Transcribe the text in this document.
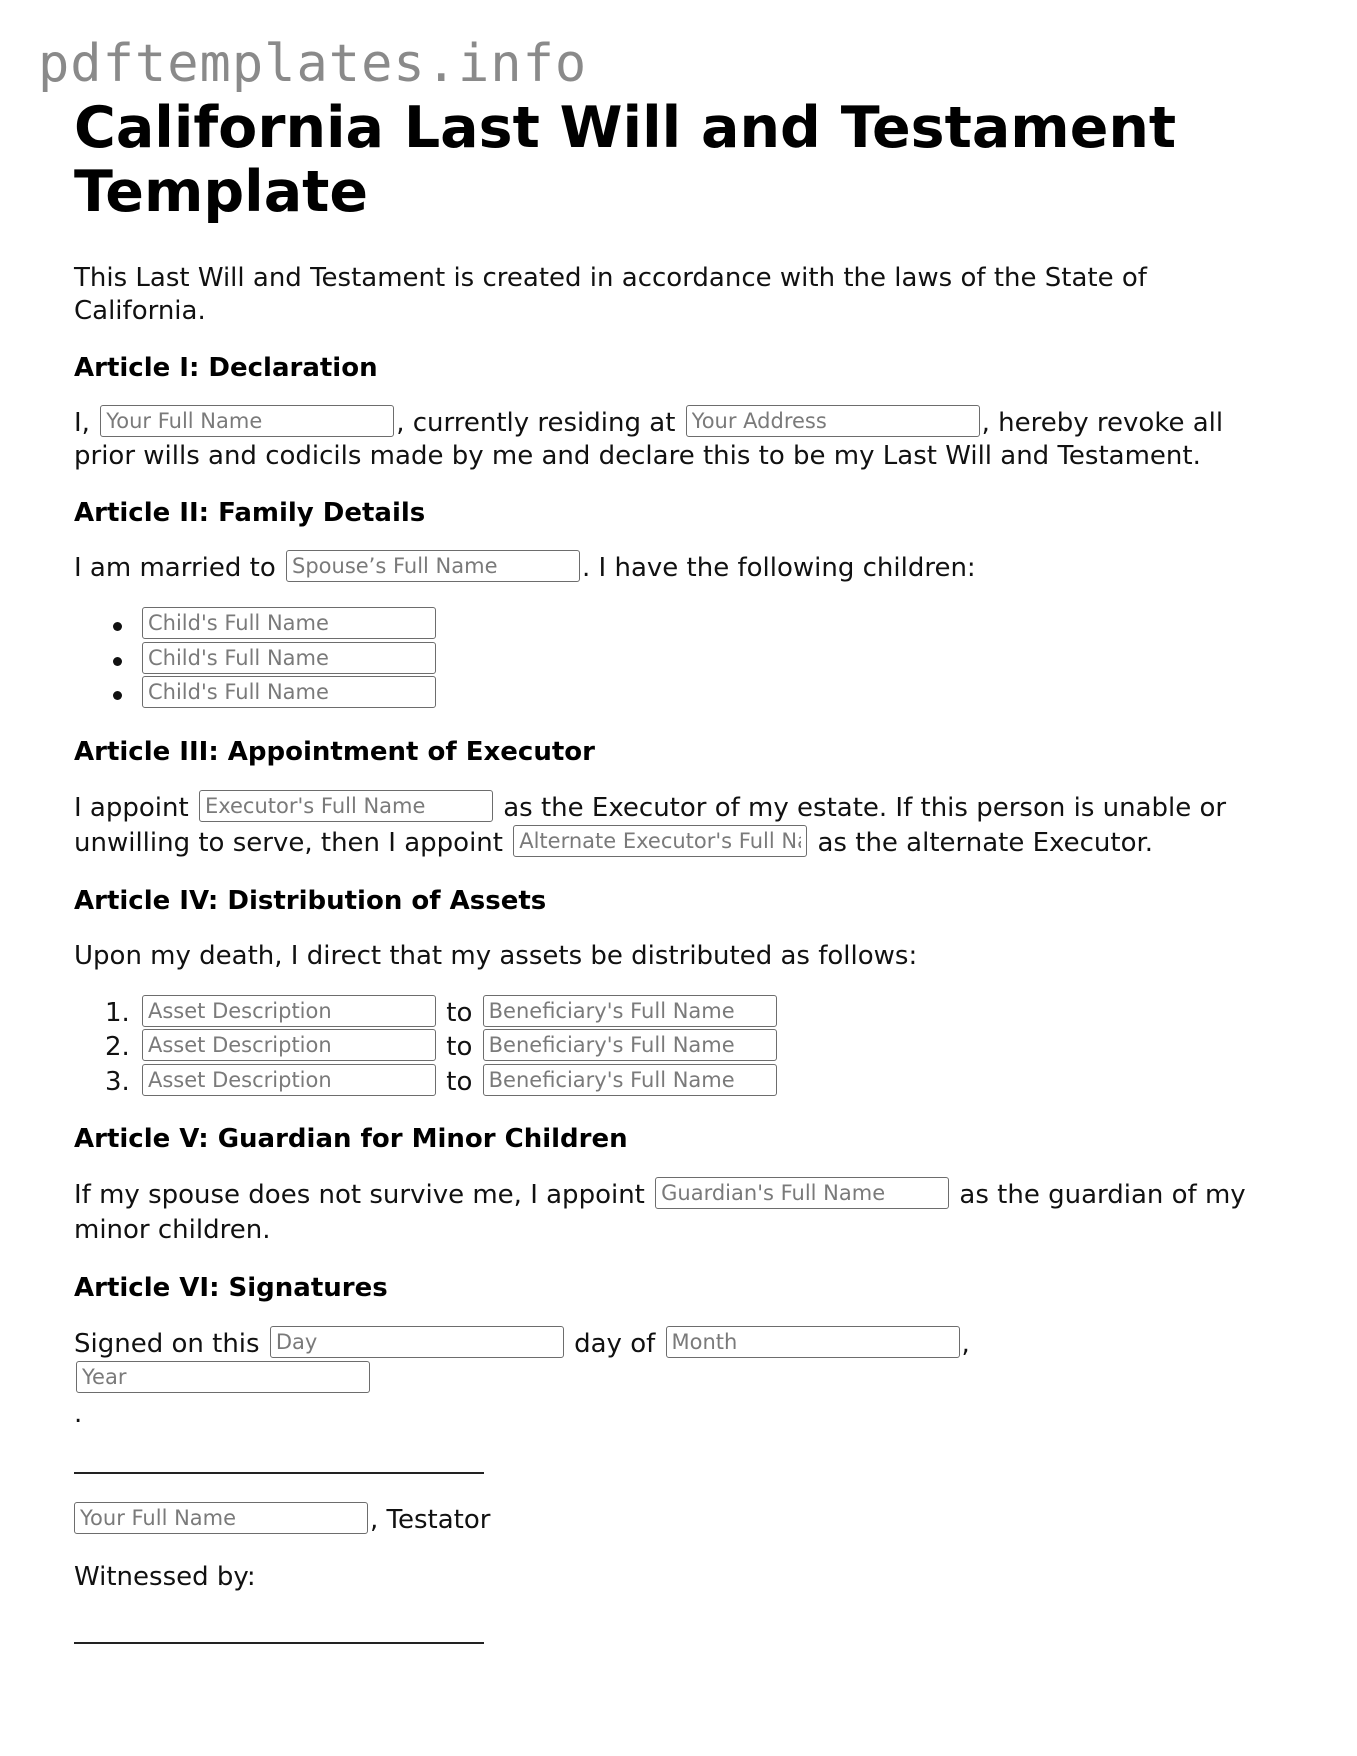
pdftemplates.info
California Last Will and Testament Template

This Last Will and Testament is created in accordance with the laws of the State of California.

Article I: Declaration

I, Your Full Name	, currently residing at Your Address	, hereby revoke all prior wills and codicils made by me and declare this to be my Last Will and Testament.

Article II: Family Details

I am married to Spouse’s Full Name	. I have the following children:

Child's Full Name
Child's Full Name
Child's Full Name
Article III: Appointment of Executor

I appoint Executor's Full Name	as the Executor of my estate. If this person is unable or unwilling to serve, then I appoint Alternate Executor's Full Name	as the alternate Executor.

Article IV: Distribution of Assets

Upon my death, I direct that my assets be distributed as follows:

1.
Asset Description	to Beneficiary's Full Name
2.
Asset Description	to Beneficiary's Full Name
3.
Asset Description	to Beneficiary's Full Name
Article V: Guardian for Minor Children

If my spouse does not survive me, I appoint Guardian's Full Name	as the guardian of my minor children.

Article VI: Signatures

Signed on this Day	day of Month	, Year
.

Your Full Name, Testator

Witnessed by:
